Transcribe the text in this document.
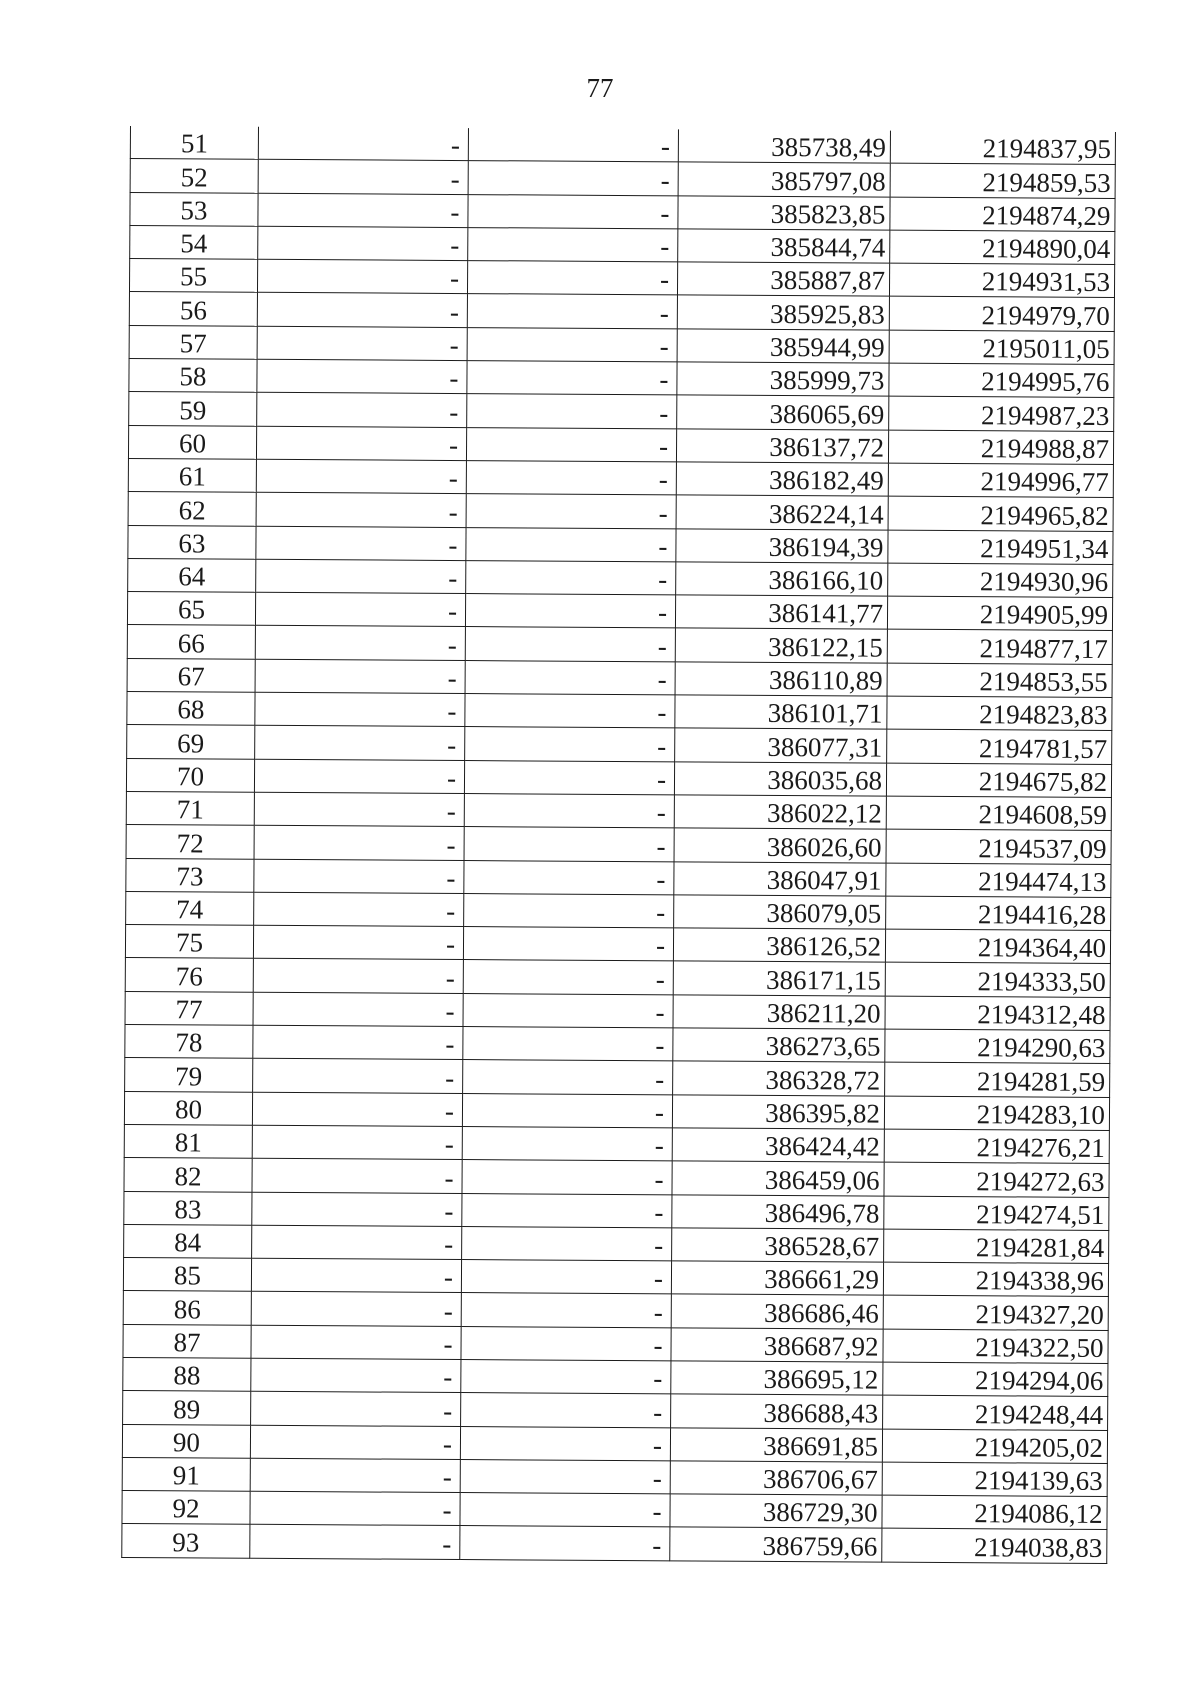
77
51	-	-	385738,49	2194837,95
52	-	-	385797,08	2194859,53
53	-	-	385823,85	2194874,29
54	-	-	385844,74	2194890,04
55	-	-	385887,87	2194931,53
56	-	-	385925,83	2194979,70
57	-	-	385944,99	2195011,05
58	-	-	385999,73	2194995,76
59	-	-	386065,69	2194987,23
60	-	-	386137,72	2194988,87
61	-	-	386182,49	2194996,77
62	-	-	386224,14	2194965,82
63	-	-	386194,39	2194951,34
64	-	-	386166,10	2194930,96
65	-	-	386141,77	2194905,99
66	-	-	386122,15	2194877,17
67	-	-	386110,89	2194853,55
68	-	-	386101,71	2194823,83
69	-	-	386077,31	2194781,57
70	-	-	386035,68	2194675,82
71	-	-	386022,12	2194608,59
72	-	-	386026,60	2194537,09
73	-	-	386047,91	2194474,13
74	-	-	386079,05	2194416,28
75	-	-	386126,52	2194364,40
76	-	-	386171,15	2194333,50
77	-	-	386211,20	2194312,48
78	-	-	386273,65	2194290,63
79	-	-	386328,72	2194281,59
80	-	-	386395,82	2194283,10
81	-	-	386424,42	2194276,21
82	-	-	386459,06	2194272,63
83	-	-	386496,78	2194274,51
84	-	-	386528,67	2194281,84
85	-	-	386661,29	2194338,96
86	-	-	386686,46	2194327,20
87	-	-	386687,92	2194322,50
88	-	-	386695,12	2194294,06
89	-	-	386688,43	2194248,44
90	-	-	386691,85	2194205,02
91	-	-	386706,67	2194139,63
92	-	-	386729,30	2194086,12
93	-	-	386759,66	2194038,83
